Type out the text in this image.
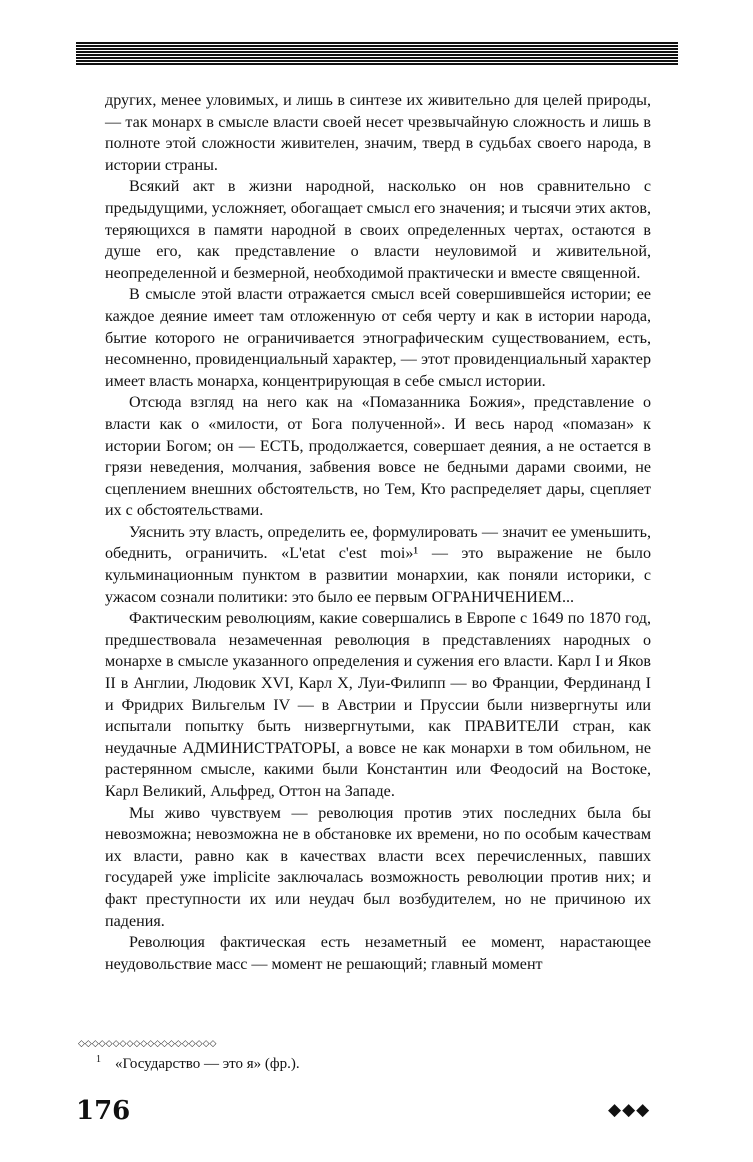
других, менее уловимых, и лишь в синтезе их живительно для целей природы, — так монарх в смысле власти своей несет чрезвычайную сложность и лишь в полноте этой сложности живителен, значим, тверд в судьбах своего народа, в истории страны.

Всякий акт в жизни народной, насколько он нов сравнительно с предыдущими, усложняет, обогащает смысл его значения; и тысячи этих актов, теряющихся в памяти народной в своих определенных чертах, остаются в душе его, как представление о власти неуловимой и живительной, неопределенной и безмерной, необходимой практически и вместе священной.

В смысле этой власти отражается смысл всей совершившейся истории; ее каждое деяние имеет там отложенную от себя черту и как в истории народа, бытие которого не ограничивается этнографическим существованием, есть, несомненно, провиденциальный характер, — этот провиденциальный характер имеет власть монарха, концентрирующая в себе смысл истории.

Отсюда взгляд на него как на «Помазанника Божия», представление о власти как о «милости, от Бога полученной». И весь народ «помазан» к истории Богом; он — ЕСТЬ, продолжается, совершает деяния, а не остается в грязи неведения, молчания, забвения вовсе не бедными дарами своими, не сцеплением внешних обстоятельств, но Тем, Кто распределяет дары, сцепляет их с обстоятельствами.

Уяснить эту власть, определить ее, формулировать — значит ее уменьшить, обеднить, ограничить. «L'etat c'est moi»¹ — это выражение не было кульминационным пунктом в развитии монархии, как поняли историки, с ужасом сознали политики: это было ее первым ОГРАНИЧЕНИЕМ...

Фактическим революциям, какие совершались в Европе с 1649 по 1870 год, предшествовала незамеченная революция в представлениях народных о монархе в смысле указанного определения и сужения его власти. Карл I и Яков II в Англии, Людовик XVI, Карл X, Луи-Филипп — во Франции, Фердинанд I и Фридрих Вильгельм IV — в Австрии и Пруссии были низвергнуты или испытали попытку быть низвергнутыми, как ПРАВИТЕЛИ стран, как неудачные АДМИНИСТРАТОРЫ, а вовсе не как монархи в том обильном, не растерянном смысле, какими были Константин или Феодосий на Востоке, Карл Великий, Альфред, Оттон на Западе.

Мы живо чувствуем — революция против этих последних была бы невозможна; невозможна не в обстановке их времени, но по особым качествам их власти, равно как в качествах власти всех перечисленных, павших государей уже implicite заключалась возможность революции против них; и факт преступности их или неудач был возбудителем, но не причиною их падения.

Революция фактическая есть незаметный ее момент, нарастающее неудовольствие масс — момент не решающий; главный момент

◇◇◇◇◇◇◇◇◇◇◇◇◇◇◇◇◇◇◇◇
1 «Государство — это я» (фр.).
176	◆◆◆
